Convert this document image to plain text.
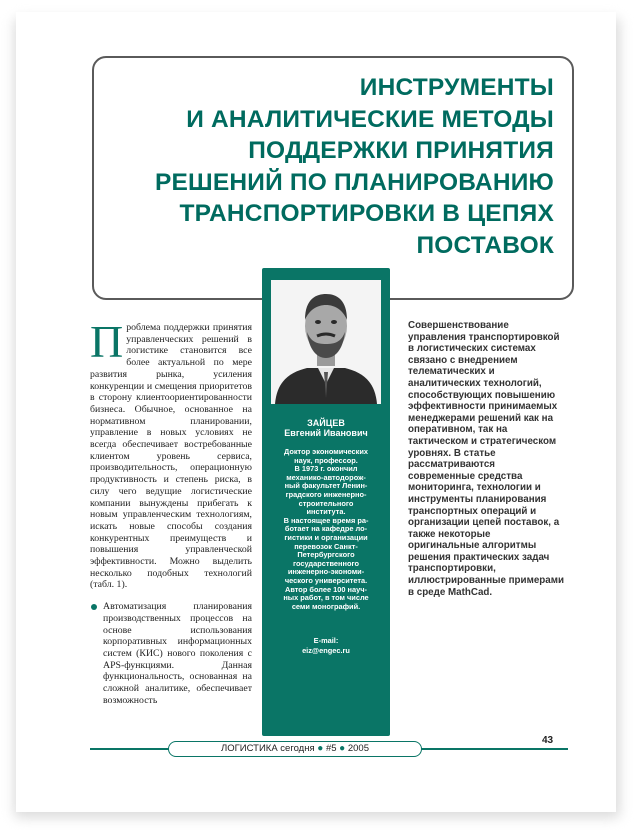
ИНСТРУМЕНТЫ
И АНАЛИТИЧЕСКИЕ МЕТОДЫ
ПОДДЕРЖКИ ПРИНЯТИЯ
РЕШЕНИЙ ПО ПЛАНИРОВАНИЮ
ТРАНСПОРТИРОВКИ В ЦЕПЯХ
ПОСТАВОК
ЗАЙЦЕВ
Евгений Иванович
Доктор экономических
наук, профессор.
В 1973 г. окончил
механико-автодорож-
ный факультет Ленин-
градского инженерно-
строительного
института.
В настоящее время ра-
ботает на кафедре ло-
гистики и организации
перевозок Санкт-
Петербургского
государственного
инженерно-экономи-
ческого университета.
Автор более 100 науч-
ных работ, в том числе
семи монографий.
E-mail:
eiz@engec.ru

Проблема поддержки принятия управленческих решений в логистике становится все более актуальной по мере развития рынка, усиления конкуренции и смещения приоритетов в сторону клиентоориентированности бизнеса. Обычное, основанное на нормативном планировании, управление в новых условиях не всегда обеспечивает востребованные клиентом уровень сервиса, производительность, операционную продуктивность и степень риска, в силу чего ведущие логистические компании вынуждены прибегать к новым управленческим технологиям, искать новые способы создания конкурентных преимуществ и повышения управленческой эффективности. Можно выделить несколько подобных технологий (табл. 1).

Автоматизация планирования производственных процессов на основе использования корпоративных информационных систем (КИС) нового поколения с APS-функциями. Данная функциональность, основанная на сложной аналитике, обеспечивает возможность
Совершенствование управления транспортировкой в логистических системах связано с внедрением телематических и аналитических технологий, способствующих повышению эффективности принимаемых менеджерами решений как на оперативном, так на тактическом и стратегическом уровнях. В статье рассматриваются современные средства мониторинга, технологии и инструменты планирования транспортных операций и организации цепей поставок, а также некоторые оригинальные алгоритмы решения практических задач транспортировки, иллюстрированные примерами в среде MathCad.
ЛОГИСТИКА сегодня ● #5 ● 2005
43
